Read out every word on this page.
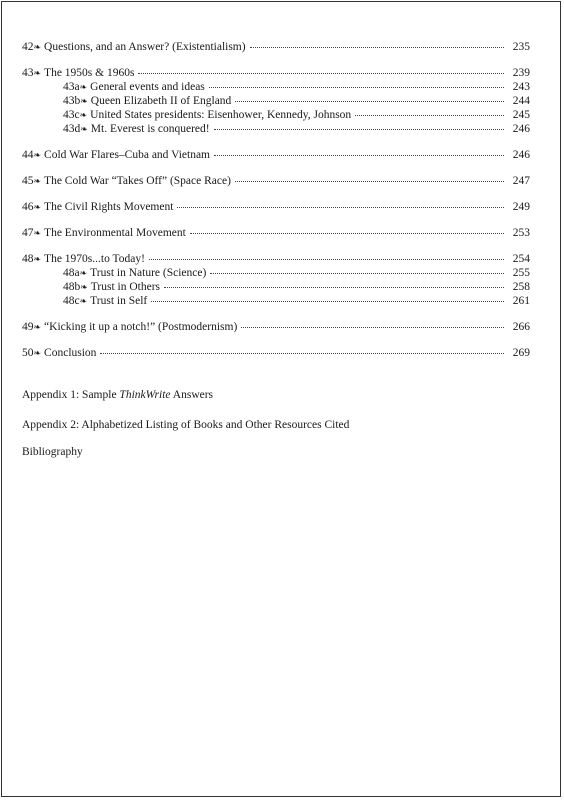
42 ❧ Questions, and an Answer? (Existentialism)	235
43 ❧ The 1950s & 1960s	239
43a ❧ General events and ideas	243
43b ❧ Queen Elizabeth II of England	244
43c ❧ United States presidents: Eisenhower, Kennedy, Johnson	245
43d ❧ Mt. Everest is conquered!	246
44 ❧ Cold War Flares–Cuba and Vietnam	246
45 ❧ The Cold War “Takes Off” (Space Race)	247
46 ❧ The Civil Rights Movement	249
47 ❧ The Environmental Movement	253
48 ❧ The 1970s...to Today!	254
48a ❧ Trust in Nature (Science)	255
48b ❧ Trust in Others	258
48c ❧ Trust in Self	261
49 ❧ “Kicking it up a notch!” (Postmodernism)	266
50 ❧ Conclusion	269
Appendix 1: Sample ThinkWrite Answers
Appendix 2: Alphabetized Listing of Books and Other Resources Cited
Bibliography
